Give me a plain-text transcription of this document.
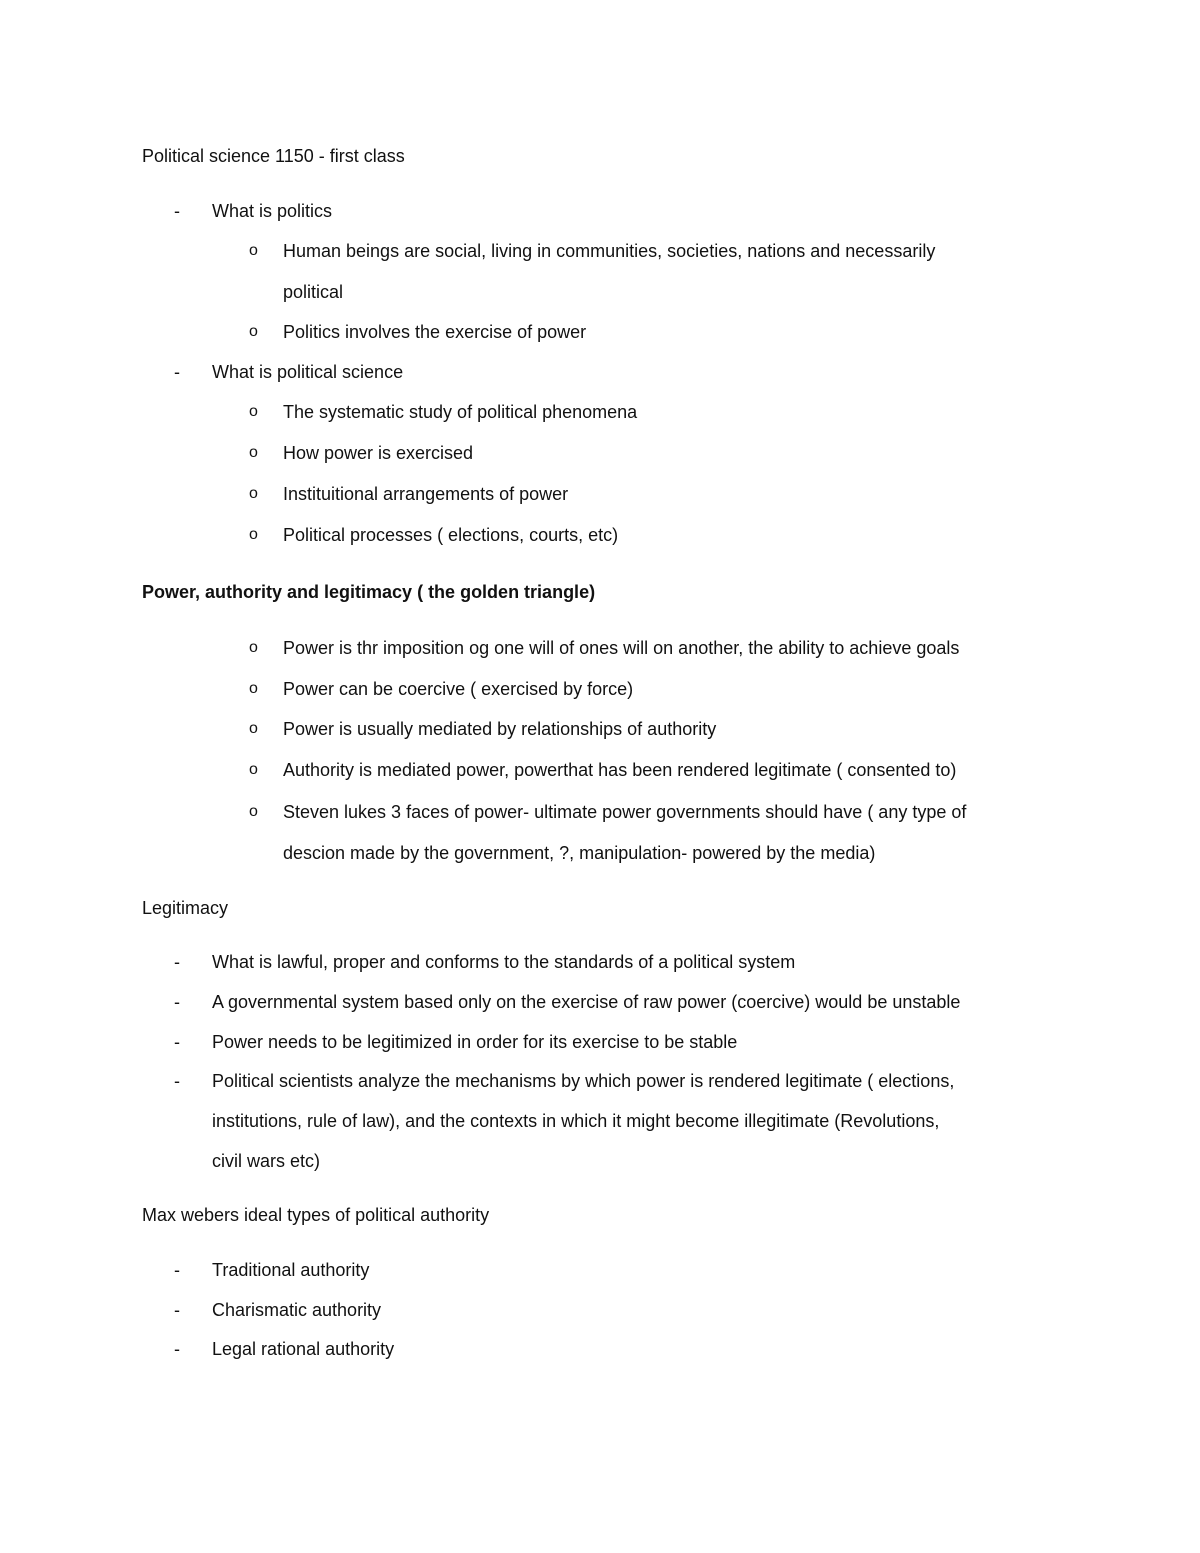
Political science 1150 - first class
- What is politics
o Human beings are social, living in communities, societies, nations and necessarily
political
o Politics involves the exercise of power
- What is political science
o The systematic study of political phenomena
o How power is exercised
o Instituitional arrangements of power
o Political processes ( elections, courts, etc)
Power, authority and legitimacy ( the golden triangle)
o Power is thr imposition og one will of ones will on another, the ability to achieve goals
o Power can be coercive ( exercised by force)
o Power is usually mediated by relationships of authority
o Authority is mediated power, powerthat has been rendered legitimate ( consented to)
o Steven lukes 3 faces of power- ultimate power governments should have ( any type of
descion made by the government, ?, manipulation- powered by the media)
Legitimacy
- What is lawful, proper and conforms to the standards of a political system
- A governmental system based only on the exercise of raw power (coercive) would be unstable
- Power needs to be legitimized in order for its exercise to be stable
- Political scientists analyze the mechanisms by which power is rendered legitimate ( elections,
institutions, rule of law), and the contexts in which it might become illegitimate (Revolutions,
civil wars etc)
Max webers ideal types of political authority
- Traditional authority
- Charismatic authority
- Legal rational authority
